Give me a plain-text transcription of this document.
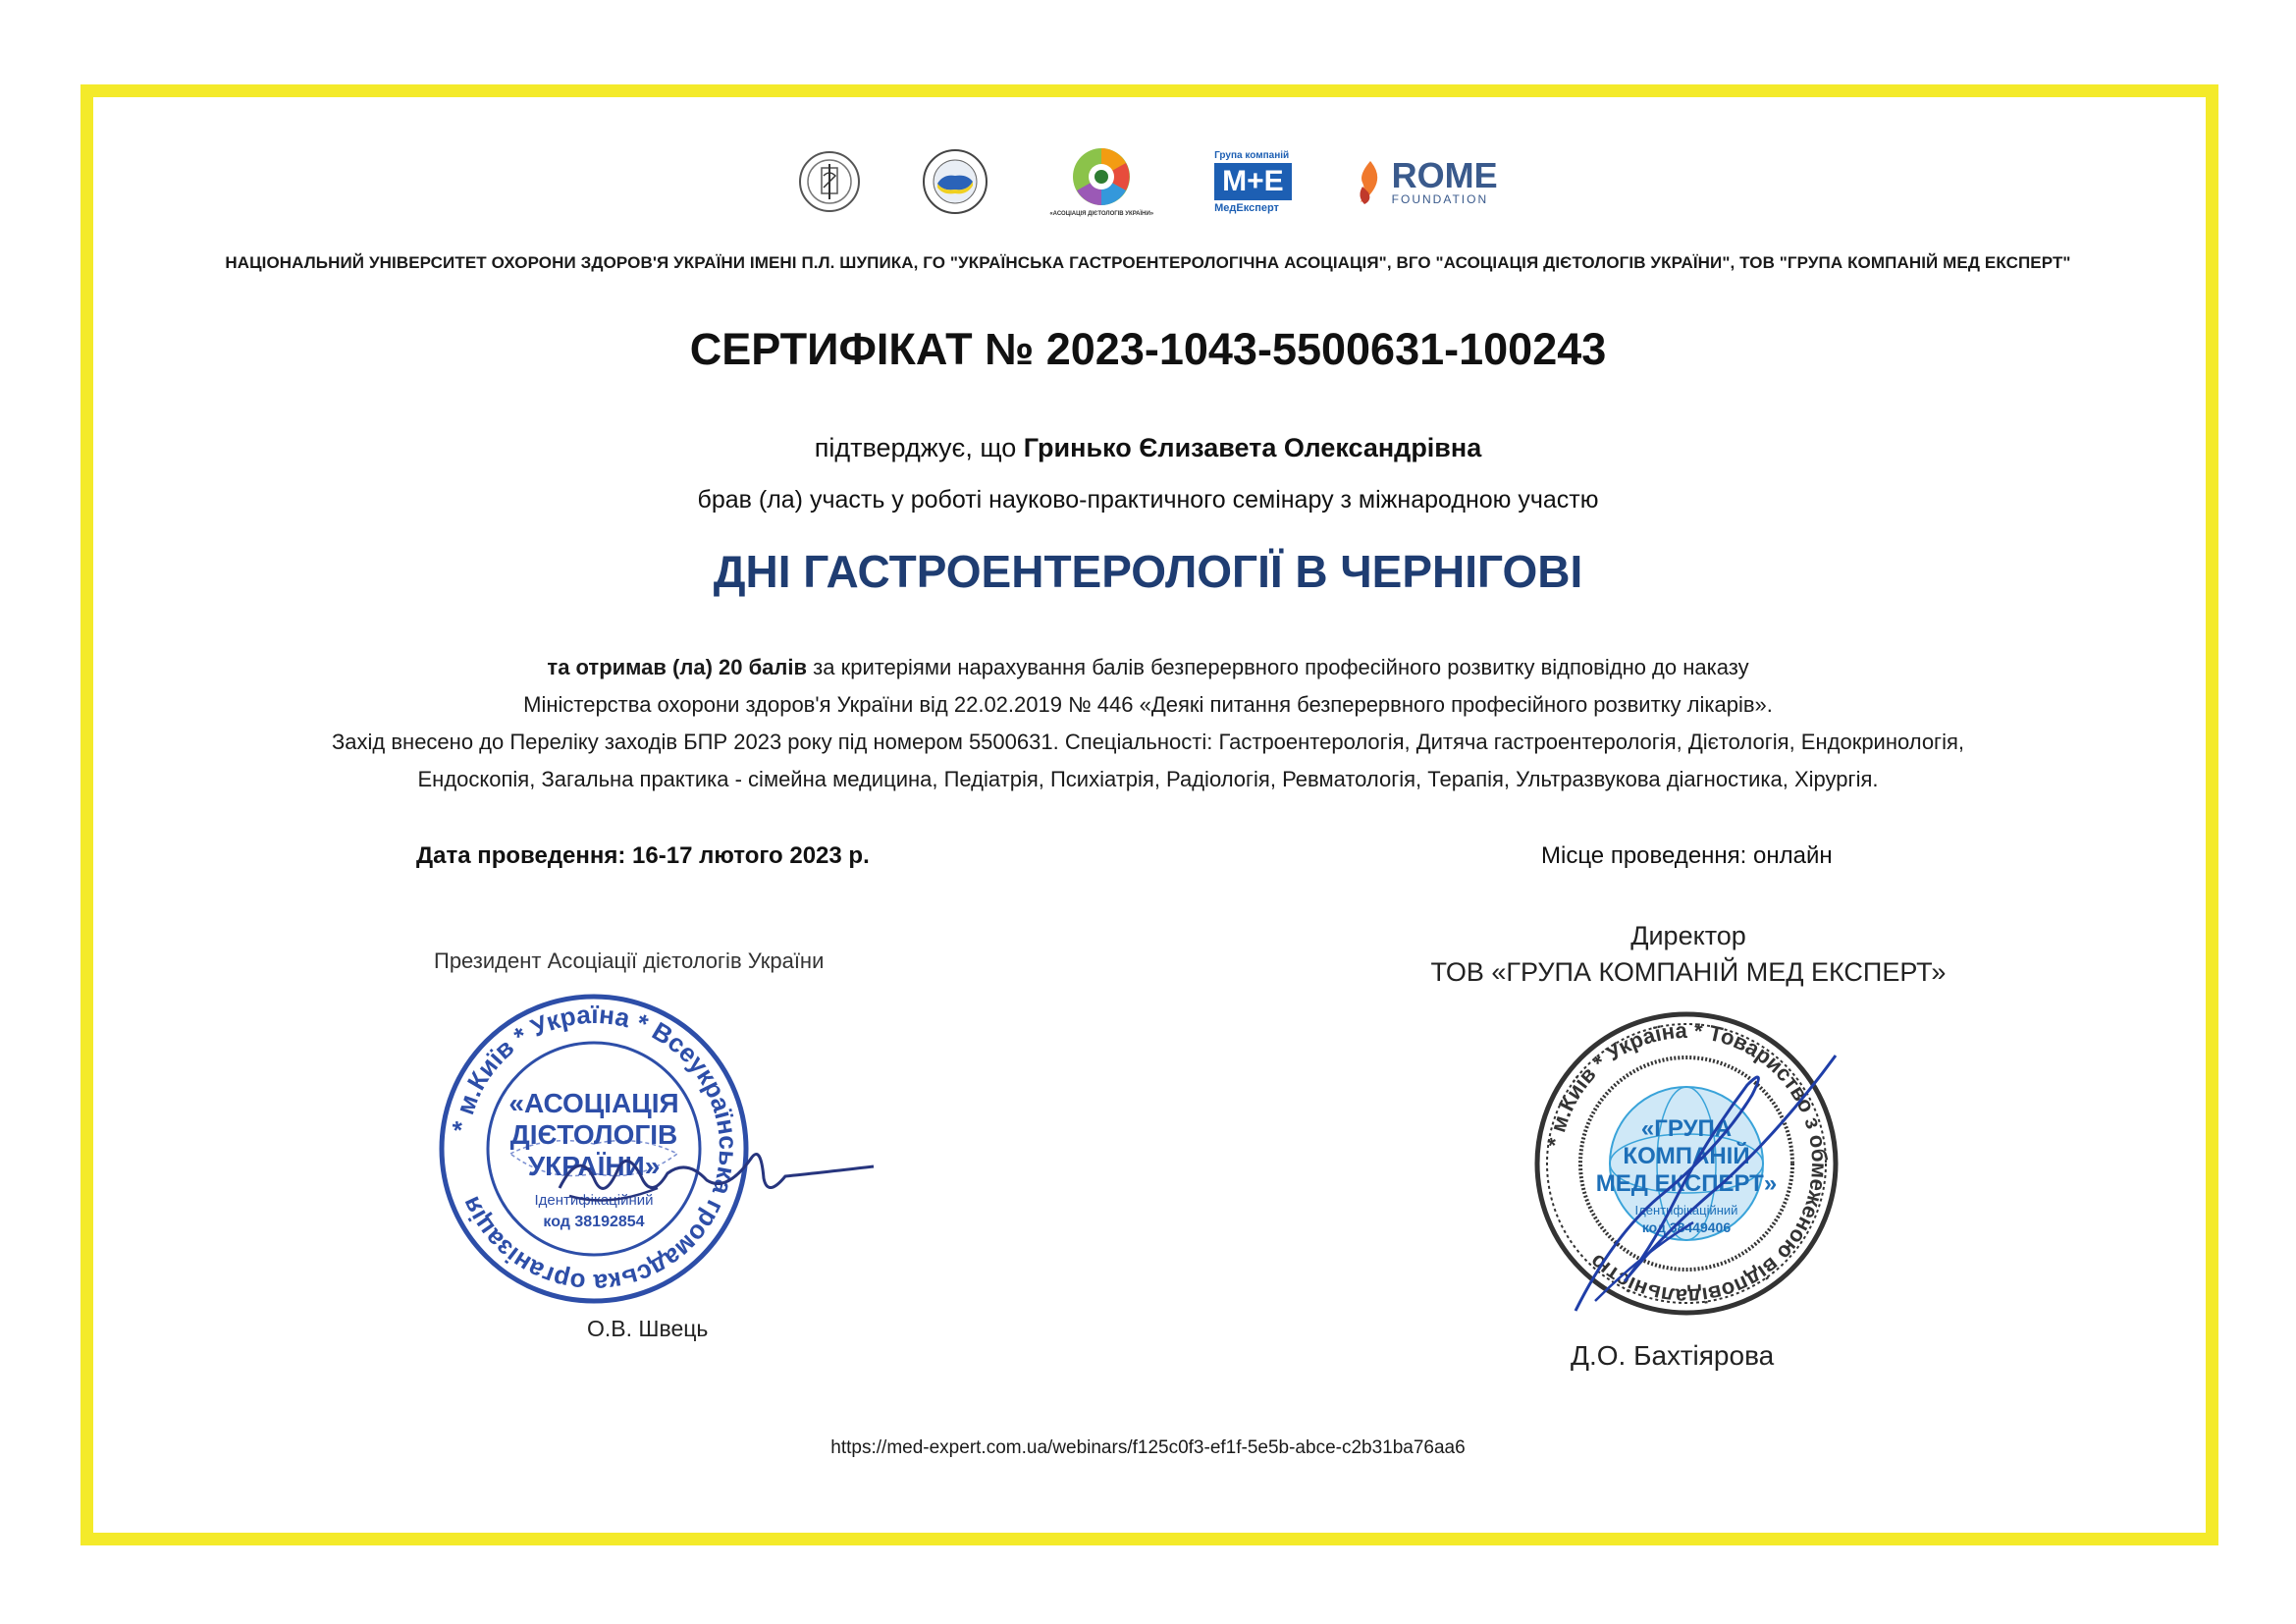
«АСОЦІАЦІЯ ДІЄТОЛОГІВ УКРАЇНИ»
Група компаній
М+Е
МедЕксперт
ROME
FOUNDATION
НАЦІОНАЛЬНИЙ УНІВЕРСИТЕТ ОХОРОНИ ЗДОРОВ'Я УКРАЇНИ ІМЕНІ П.Л. ШУПИКА, ГО "УКРАЇНСЬКА ГАСТРОЕНТЕРОЛОГІЧНА АСОЦІАЦІЯ", ВГО "АСОЦІАЦІЯ ДІЄТОЛОГІВ УКРАЇНИ", ТОВ "ГРУПА КОМПАНІЙ МЕД ЕКСПЕРТ"
СЕРТИФІКАТ № 2023-1043-5500631-100243
підтверджує, що Гринько Єлизавета Олександрівна
брав (ла) участь у роботі науково-практичного семінару з міжнародною участю
ДНІ ГАСТРОЕНТЕРОЛОГІЇ В ЧЕРНІГОВІ
та отримав (ла) 20 балів за критеріями нарахування балів безперервного професійного розвитку відповідно до наказу
Міністерства охорони здоров'я України від 22.02.2019 № 446 «Деякі питання безперервного професійного розвитку лікарів».
Захід внесено до Переліку заходів БПР 2023 року під номером 5500631. Спеціальності: Гастроентерологія, Дитяча гастроентерологія, Дієтологія, Ендокринологія,
Ендоскопія, Загальна практика - сімейна медицина, Педіатрія, Психіатрія, Радіологія, Ревматологія, Терапія, Ультразвукова діагностика, Хірургія.
Дата проведення: 16-17 лютого 2023 р.	Місце проведення: онлайн
Президент Асоціації дієтологів України
* м.Київ * Україна * Всеукраїнська громадська організація
«АСОЦІАЦІЯ
ДІЄТОЛОГІВ
УКРАЇНИ»
Ідентифікаційний
код 38192854
О.В. Швець
Директор
ТОВ «ГРУПА КОМПАНІЙ МЕД ЕКСПЕРТ»
* м.Київ * Україна * Товариство з обмеженою відповідальністю
«ГРУПА
КОМПАНІЙ
МЕД ЕКСПЕРТ»
Ідентифікаційний
код 38449406
Д.О. Бахтіярова
https://med-expert.com.ua/webinars/f125c0f3-ef1f-5e5b-abce-c2b31ba76aa6
